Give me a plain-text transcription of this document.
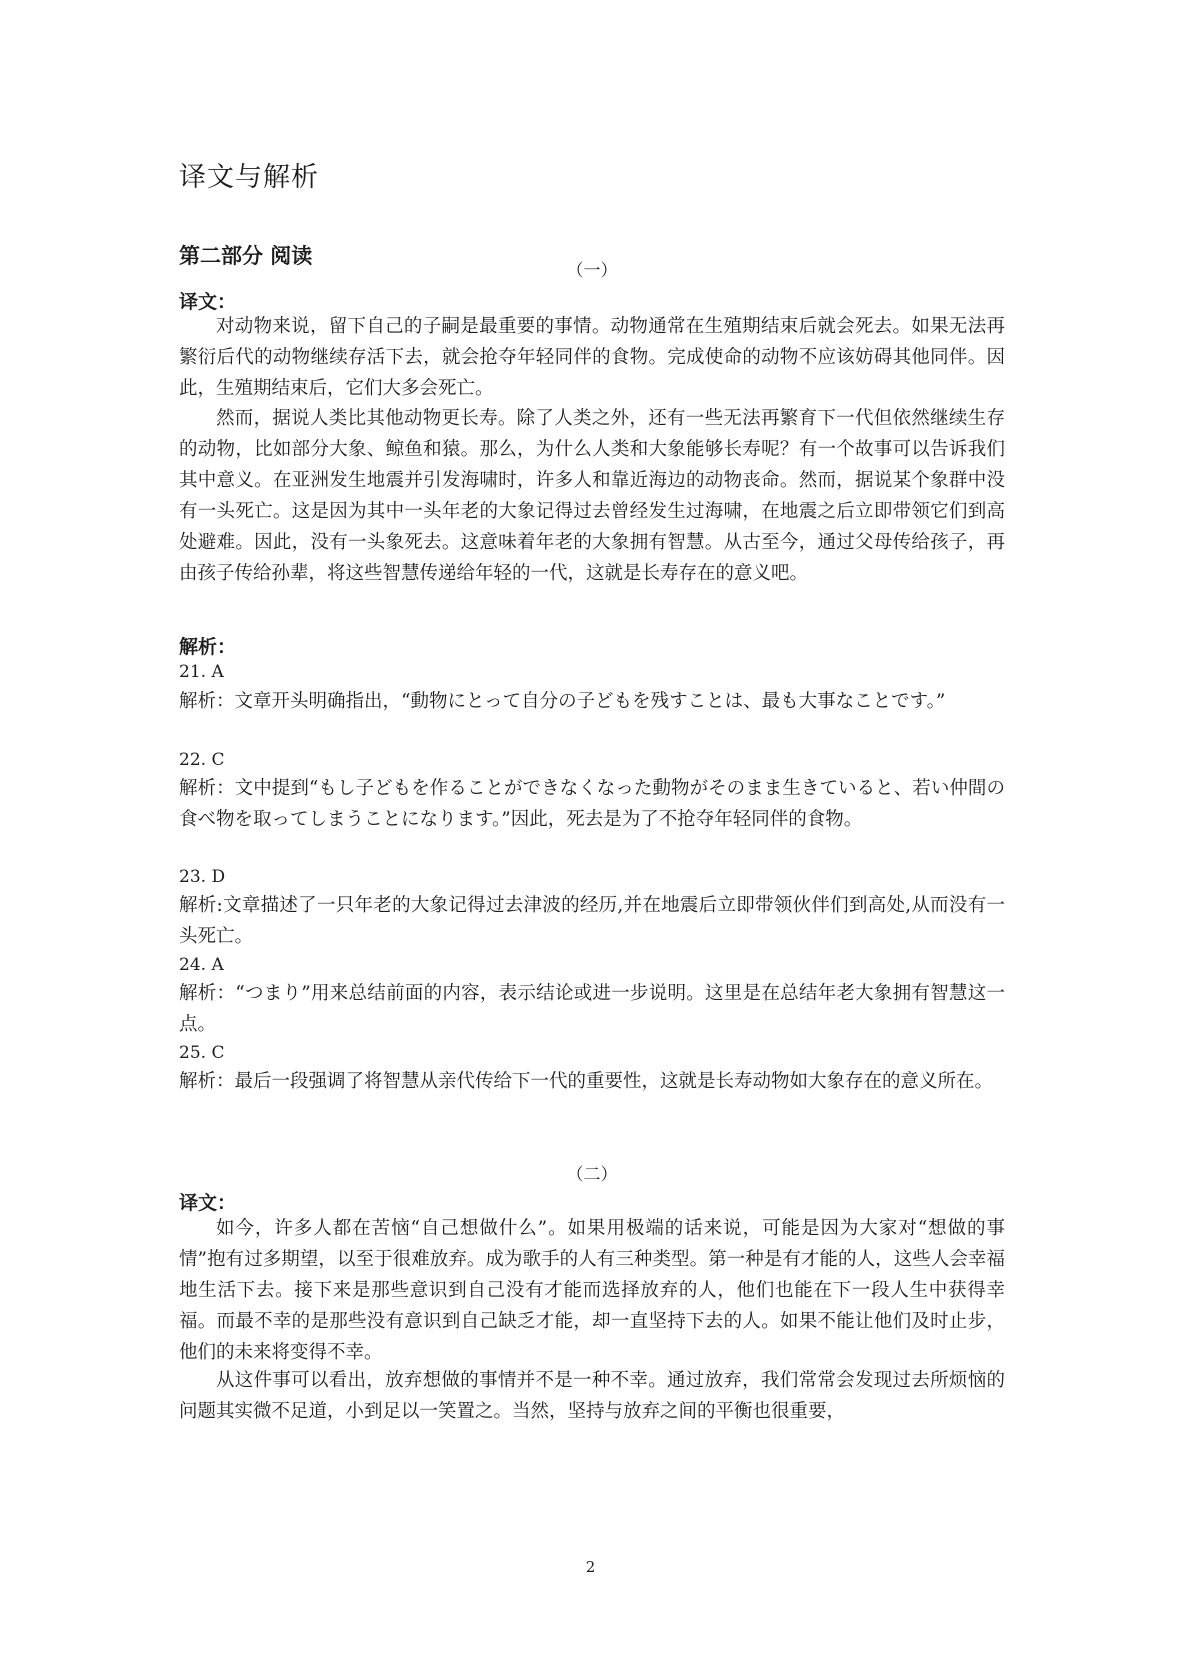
译文与解析
第二部分 阅读
（一）
译文：
对动物来说，留下自己的子嗣是最重要的事情。动物通常在生殖期结束后就会死去。如果无法再繁衍后代的动物继续存活下去，就会抢夺年轻同伴的食物。完成使命的动物不应该妨碍其他同伴。因此，生殖期结束后，它们大多会死亡。
然而，据说人类比其他动物更长寿。除了人类之外，还有一些无法再繁育下一代但依然继续生存的动物，比如部分大象、鲸鱼和猿。那么，为什么人类和大象能够长寿呢？有一个故事可以告诉我们其中意义。在亚洲发生地震并引发海啸时，许多人和靠近海边的动物丧命。然而，据说某个象群中没有一头死亡。这是因为其中一头年老的大象记得过去曾经发生过海啸，在地震之后立即带领它们到高处避难。因此，没有一头象死去。这意味着年老的大象拥有智慧。从古至今，通过父母传给孩子，再由孩子传给孙辈，将这些智慧传递给年轻的一代，这就是长寿存在的意义吧。
解析：
21. A
解析：文章开头明确指出，“動物にとって自分の子どもを残すことは、最も大事なことです。”
22. C
解析：文中提到“もし子どもを作ることができなくなった動物がそのまま生きていると、若い仲間の食べ物を取ってしまうことになります。”因此，死去是为了不抢夺年轻同伴的食物。
23. D
解析:文章描述了一只年老的大象记得过去津波的经历,并在地震后立即带领伙伴们到高处,从而没有一头死亡。
24. A
解析：“つまり”用来总结前面的内容，表示结论或进一步说明。这里是在总结年老大象拥有智慧这一点。
25. C
解析：最后一段强调了将智慧从亲代传给下一代的重要性，这就是长寿动物如大象存在的意义所在。
（二）
译文：
如今，许多人都在苦恼“自己想做什么”。如果用极端的话来说，可能是因为大家对“想做的事情”抱有过多期望，以至于很难放弃。成为歌手的人有三种类型。第一种是有才能的人，这些人会幸福地生活下去。接下来是那些意识到自己没有才能而选择放弃的人，他们也能在下一段人生中获得幸福。而最不幸的是那些没有意识到自己缺乏才能，却一直坚持下去的人。如果不能让他们及时止步，他们的未来将变得不幸。
从这件事可以看出，放弃想做的事情并不是一种不幸。通过放弃，我们常常会发现过去所烦恼的问题其实微不足道，小到足以一笑置之。当然，坚持与放弃之间的平衡也很重要，
2
